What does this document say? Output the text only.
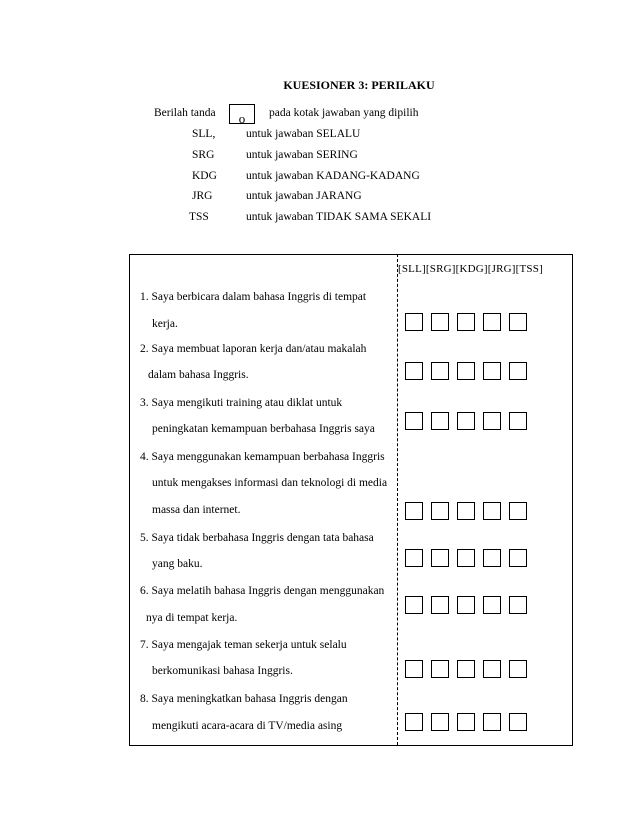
KUESIONER 3: PERILAKU
Berilah tanda	o	pada kotak jawaban yang dipilih
SLL,	untuk jawaban SELALU
SRG	untuk jawaban SERING
KDG	untuk jawaban KADANG-KADANG
JRG	untuk jawaban JARANG
TSS	untuk jawaban TIDAK SAMA SEKALI
[SLL][SRG][KDG][JRG][TSS]
1. Saya berbicara dalam bahasa Inggris di tempat
kerja.
2. Saya membuat laporan kerja dan/atau makalah
dalam bahasa Inggris.
3. Saya mengikuti training atau diklat untuk
peningkatan kemampuan berbahasa Inggris saya
4. Saya menggunakan kemampuan berbahasa Inggris
untuk mengakses informasi dan teknologi di media
massa dan internet.
5. Saya tidak berbahasa Inggris dengan tata bahasa
yang baku.
6. Saya melatih bahasa Inggris dengan menggunakan
nya di tempat kerja.
7. Saya mengajak teman sekerja untuk selalu
berkomunikasi bahasa Inggris.
8. Saya meningkatkan bahasa Inggris dengan
mengikuti acara-acara di TV/media asing
